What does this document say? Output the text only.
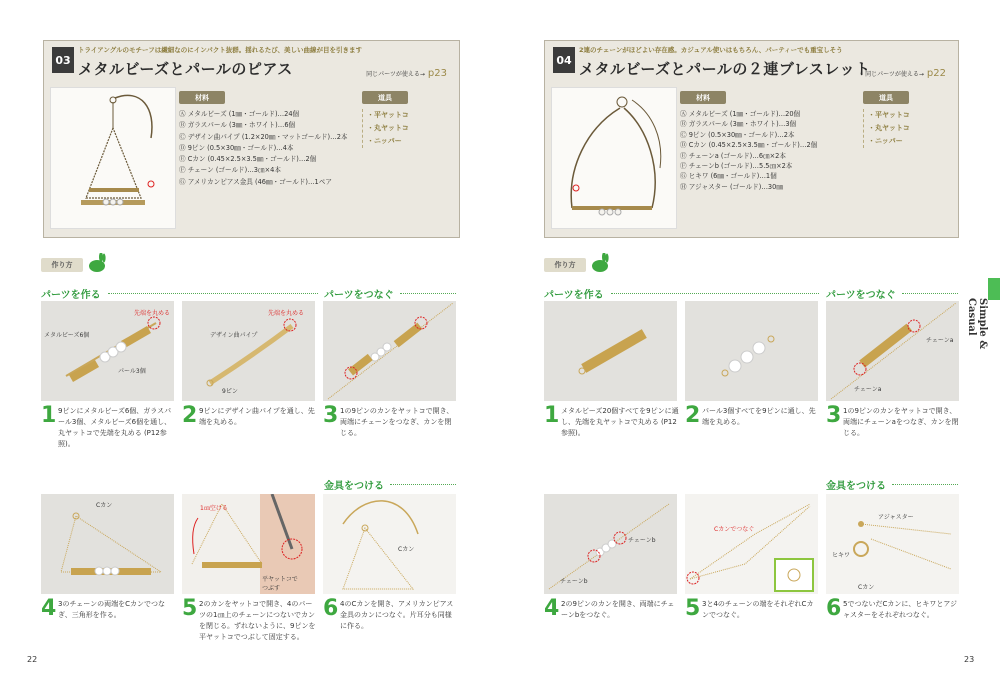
03
トライアングルのモチーフは繊細なのにインパクト抜群。揺れるたび、美しい曲線が目を引きます
メタルビーズとパールのピアス	同じパーツが使える→ p23
材料
Ⓐ メタルビーズ (1㎜・ゴールド)…24個
Ⓑ ガラスパール (3㎜・ホワイト)…6個
Ⓒ デザイン曲パイプ (1.2×20㎜・マットゴールド)…2本
Ⓓ 9ピン (0.5×30㎜・ゴールド)…4本
Ⓔ Cカン (0.45×2.5×3.5㎜・ゴールド)…2個
Ⓕ チェーン (ゴールド)…3㎝×4本
Ⓖ アメリカンピアス金具 (46㎜・ゴールド)…1ペア
道具
・平ヤットコ
・丸ヤットコ
・ニッパー
作り方
パーツを作る	パーツをつなぐ
メタルビーズ6個
パール3個
先端を丸める
デザイン曲パイプ
9ピン
先端を丸める
1 9ピンにメタルビーズ6個、ガラスパール3個、メタルビーズ6個を通し、丸ヤットコで先端を丸める (P12参照)。
2 9ピンにデザイン曲パイプを通し、先端を丸める。	3 1の9ピンのカンをヤットコで開き、両端にチェーンをつなぎ、カンを閉じる。
金具をつける
Cカン	1㎝空ける
平ヤットコでつぶす
Cカン
4 3のチェーンの両端をCカンでつなぎ、三角形を作る。	5 2のカンをヤットコで開き、4のパーツの1㎝上のチェーンにつないでカンを閉じる。ずれないように、9ピンを平ヤットコでつぶして固定する。
6 4のCカンを開き、アメリカンピアス金具のカンにつなぐ。片耳分も同様に作る。
22
04
2連のチェーンがほどよい存在感。カジュアル使いはもちろん、パーティーでも重宝しそう
メタルビーズとパールの２連ブレスレット
同じパーツが使える→ p22
材料
Ⓐ メタルビーズ (1㎜・ゴールド)…20個
Ⓑ ガラスパール (3㎜・ホワイト)…3個
Ⓒ 9ピン (0.5×30㎜・ゴールド)…2本
Ⓓ Cカン (0.45×2.5×3.5㎜・ゴールド)…2個
Ⓔ チェーンa (ゴールド)…6㎝×2本
Ⓕ チェーンb (ゴールド)…5.5㎝×2本
Ⓖ ヒキワ (6㎜・ゴールド)…1個
Ⓗ アジャスター (ゴールド)…30㎜
道具
・平ヤットコ
・丸ヤットコ
・ニッパー
作り方
パーツを作る	パーツをつなぐ
チェーンa
チェーンa
1 メタルビーズ20個すべてを9ピンに通し、先端を丸ヤットコで丸める (P12参照)。
2 パール3個すべてを9ピンに通し、先端を丸める。	3 1の9ピンのカンをヤットコで開き、両端にチェーンaをつなぎ、カンを閉じる。
金具をつける
チェーンb
チェーンb
Cカンでつなぐ
アジャスター
ヒキワ
Cカン
4 2の9ピンのカンを開き、両端にチェーンbをつなぐ。	5 3と4のチェーンの端をそれぞれCカンでつなぐ。	6 5でつないだCカンに、ヒキワとアジャスターをそれぞれつなぐ。
23
Simple & Casual
